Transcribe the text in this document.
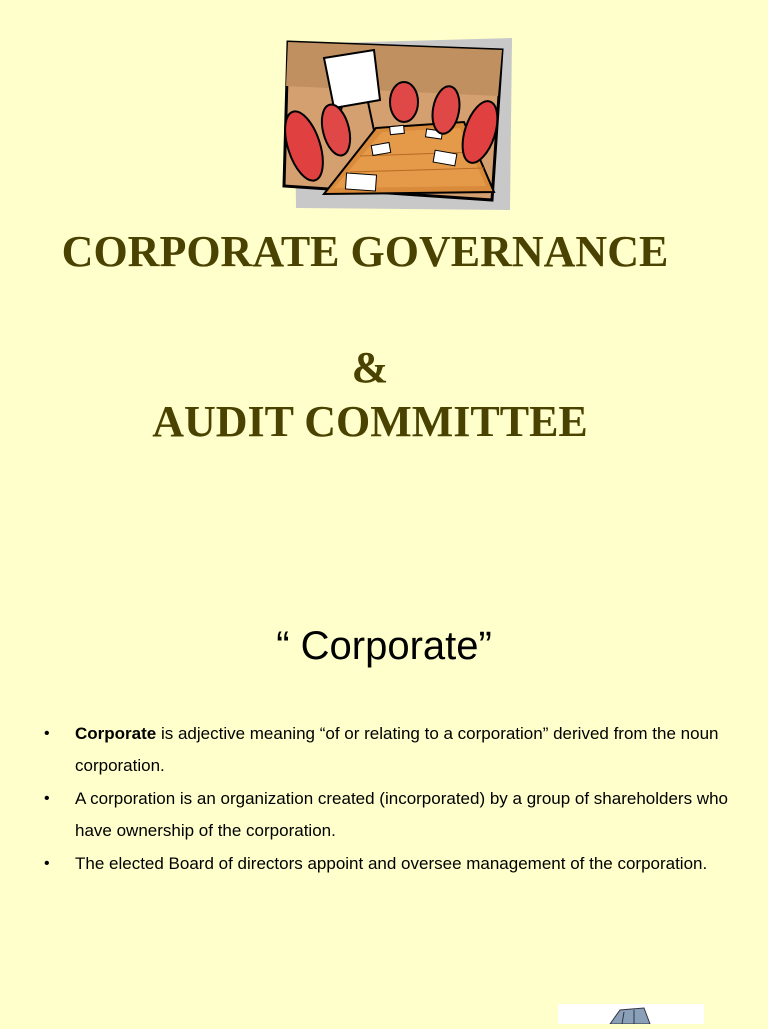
CORPORATE GOVERNANCE
&
AUDIT COMMITTEE
“ Corporate”
• Corporate is adjective meaning “of or relating to a corporation” derived from the noun corporation.
• A corporation is an organization created (incorporated) by a group of shareholders who have ownership of the corporation.
• The elected Board of directors appoint and oversee management of the corporation.
